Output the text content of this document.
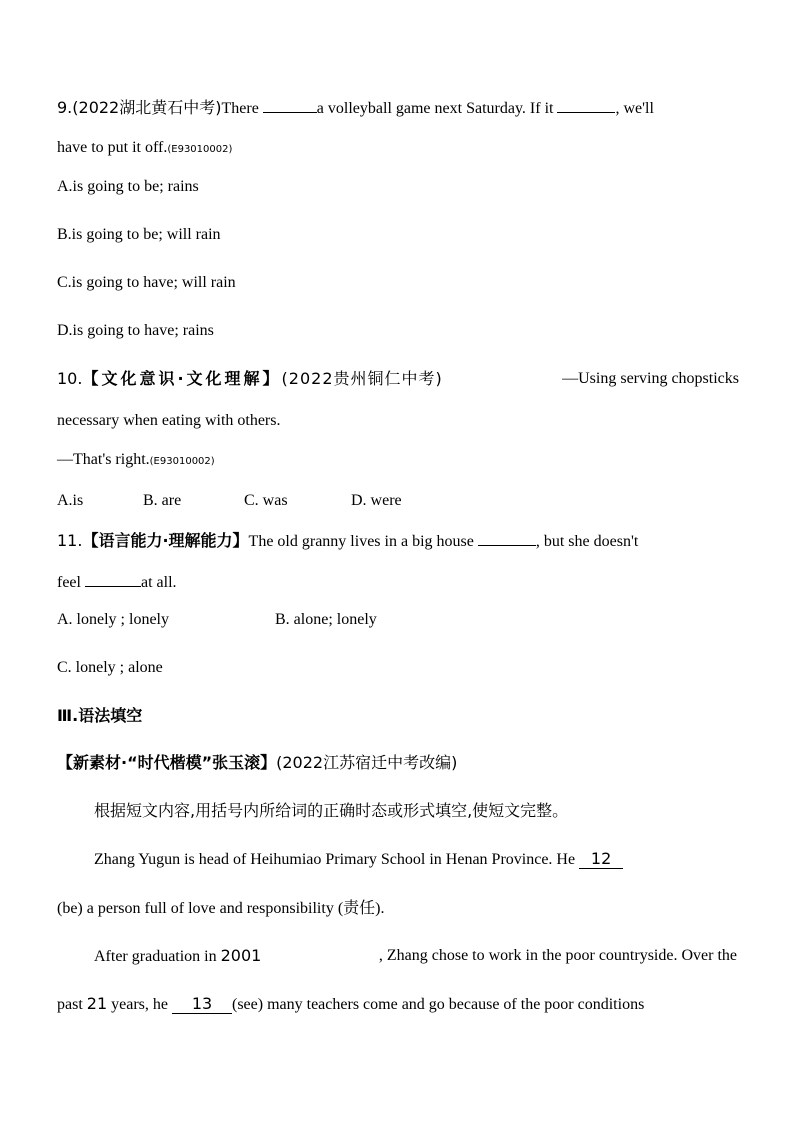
9.(2022湖北黄石中考)There	a volleyball game next Saturday. If it	, we'll
have to put it off.(E93010002)
A.is going to be; rains
B.is going to be; will rain
C.is going to have; will rain
D.is going to have; rains
10.【文化意识·文化理解】(2022贵州铜仁中考)	—Using serving chopsticks
necessary when eating with others.
—That's right.(E93010002)
A.is	B. are	C. was	D. were
11.【语言能力·理解能力】The old granny lives in a big house	, but she doesn't
feel	at all.
A. lonely ; lonely	B. alone; lonely
C. lonely ; alone
Ⅲ.语法填空
【新素材·“时代楷模”张玉滚】(2022江苏宿迁中考改编)
根据短文内容,用括号内所给词的正确时态或形式填空,使短文完整。
Zhang Yugun is head of Heihumiao Primary School in Henan Province. He 12
(be) a person full of love and responsibility (责任).
After graduation in 2001	, Zhang chose to work in the poor countryside. Over the
past 21 years, he 13 (see) many teachers come and go because of the poor conditions
